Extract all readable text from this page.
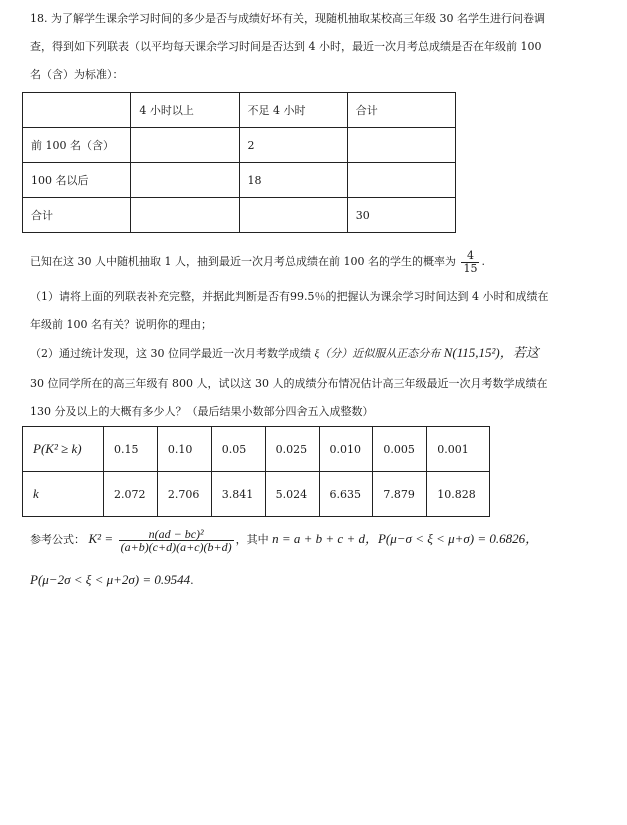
18. 为了解学生课余学习时间的多少是否与成绩好坏有关，现随机抽取某校高三年级 30 名学生进行问卷调
查，得到如下列联表（以平均每天课余学习时间是否达到 4 小时，最近一次月考总成绩是否在年级前 100
名（含）为标准）：
	4 小时以上	不足 4 小时	合计
前 100 名（含）		2	
100 名以后		18	
合计			30
已知在这 30 人中随机抽取 1 人，抽到最近一次月考总成绩在前 100 名的学生的概率为 $\frac{4}{15}$ .
（1）请将上面的列联表补充完整，并据此判断是否有99.5％的把握认为课余学习时间达到 4 小时和成绩在
年级前 100 名有关？说明你的理由；
（2）通过统计发现，这 30 位同学最近一次月考数学成绩 ξ（分）近似服从正态分布 N(115,15²)，若这
30 位同学所在的高三年级有 800 人，试以这 30 人的成绩分布情况估计高三年级最近一次月考数学成绩在
130 分及以上的大概有多少人？（最后结果小数部分四舍五入成整数）
P(K² ≥ k)	0.15	0.10	0.05	0.025	0.010	0.005	0.001
k	2.072	2.706	3.841	5.024	6.635	7.879	10.828
参考公式： $K^2 = \frac{\text{n(ad − bc)²}}{(a+b)(c+d)(a+c)(b+d)}$ ，其中 n = a + b + c + d，P(μ−σ < ξ < μ+σ) = 0.6826，
P(μ−2σ < ξ < μ+2σ) = 0.9544.
